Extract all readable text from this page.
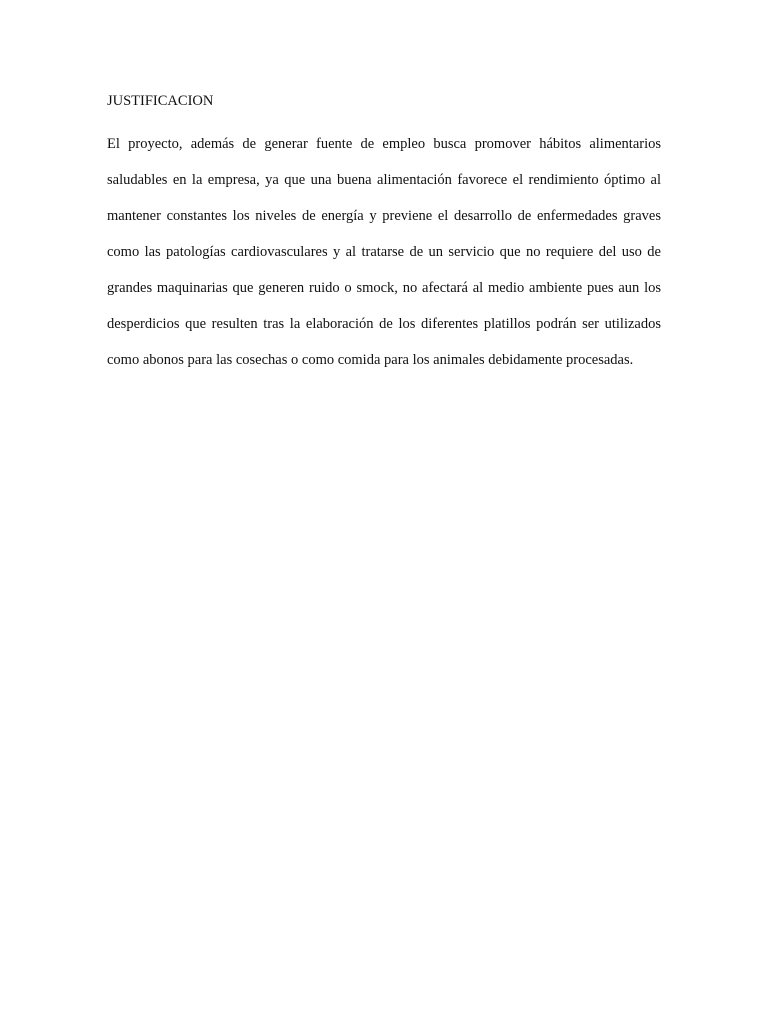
JUSTIFICACION
El proyecto, además de generar fuente de empleo busca promover hábitos alimentarios
saludables en la empresa, ya que una buena alimentación favorece el rendimiento óptimo al
mantener constantes los niveles de energía y previene el desarrollo de enfermedades graves
como las patologías cardiovasculares y al tratarse de un servicio que no requiere del uso de
grandes maquinarias que generen ruido o smock, no afectará al medio ambiente pues aun los
desperdicios que resulten tras la elaboración de los diferentes platillos podrán ser utilizados
como abonos para las cosechas o como comida para los animales debidamente procesadas.
